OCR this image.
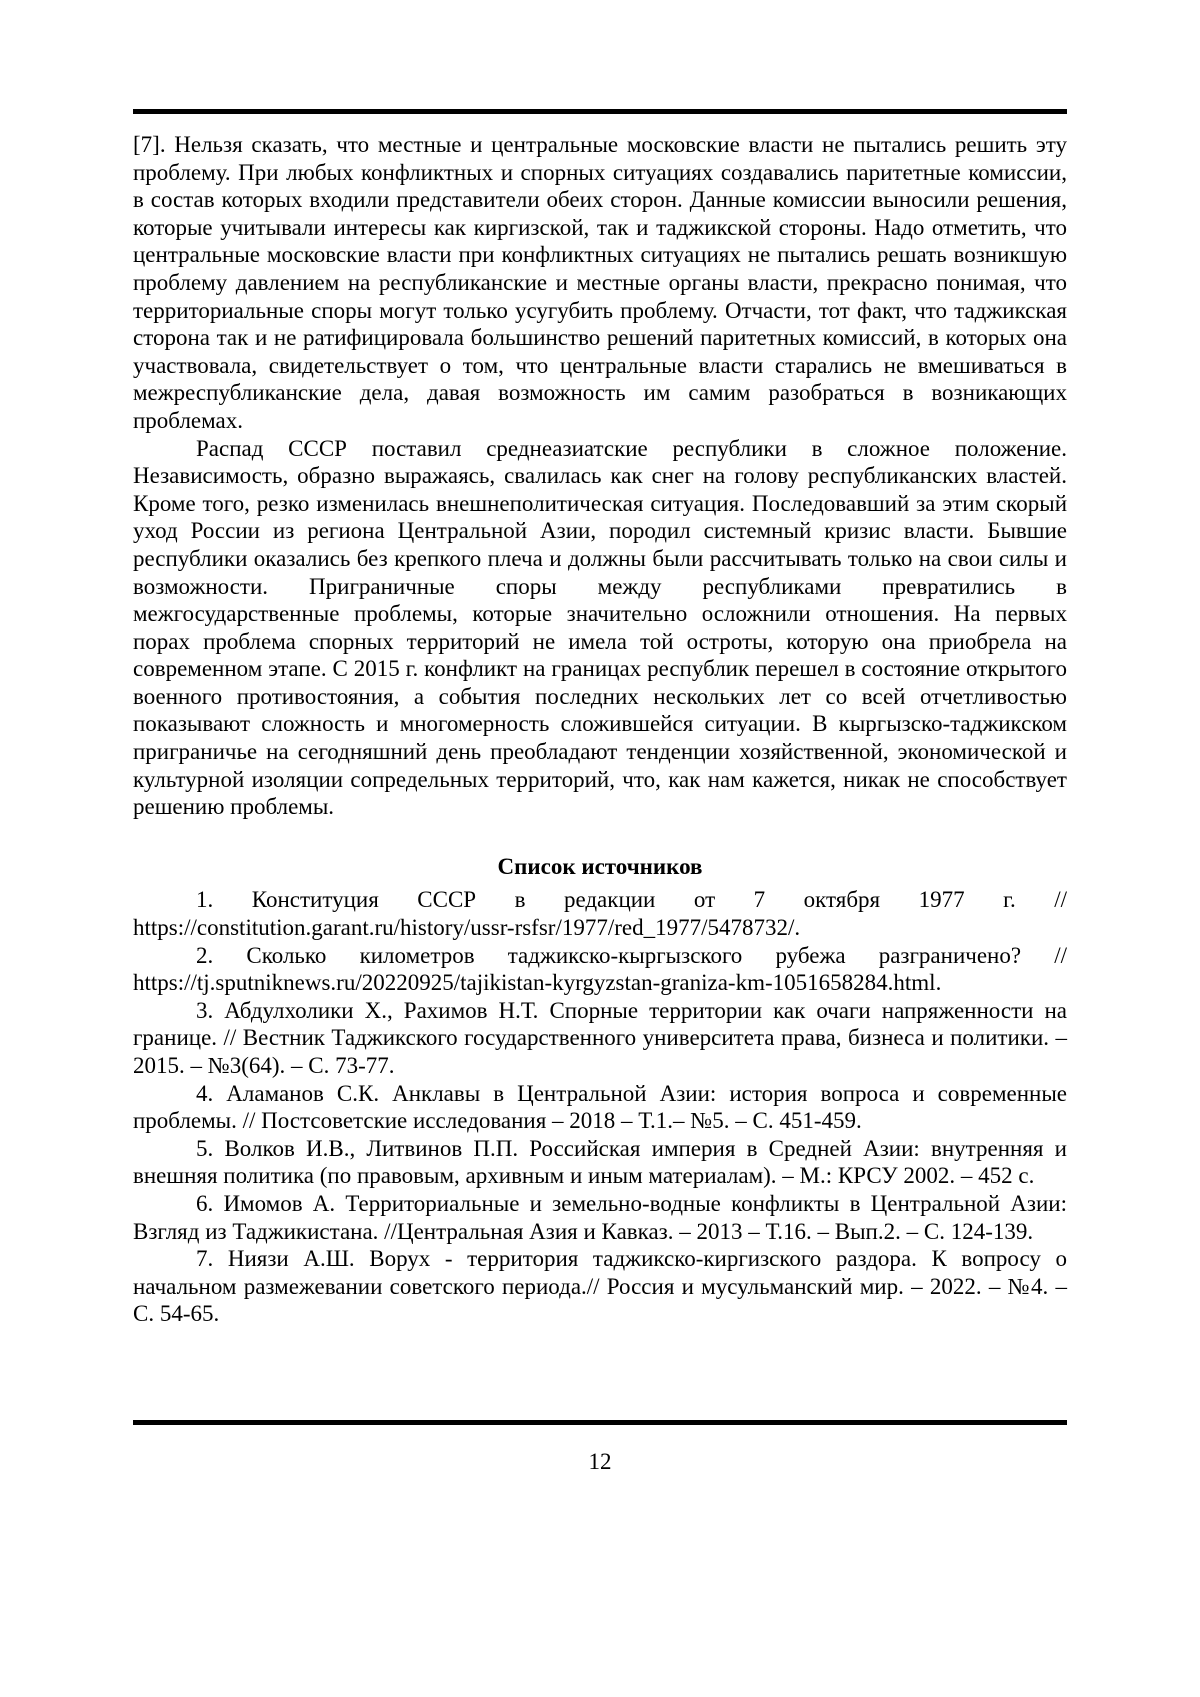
[7]. Нельзя сказать, что местные и центральные московские власти не пытались решить эту проблему. При любых конфликтных и спорных ситуациях создавались паритетные комиссии, в состав которых входили представители обеих сторон. Данные комиссии выносили решения, которые учитывали интересы как киргизской, так и таджикской стороны. Надо отметить, что центральные московские власти при конфликтных ситуациях не пытались решать возникшую проблему давлением на республиканские и местные органы власти, прекрасно понимая, что территориальные споры могут только усугубить проблему. Отчасти, тот факт, что таджикская сторона так и не ратифицировала большинство решений паритетных комиссий, в которых она участвовала, свидетельствует о том, что центральные власти старались не вмешиваться в межреспубликанские дела, давая возможность им самим разобраться в возникающих проблемах.

Распад СССР поставил среднеазиатские республики в сложное положение. Независимость, образно выражаясь, свалилась как снег на голову республиканских властей. Кроме того, резко изменилась внешнеполитическая ситуация. Последовавший за этим скорый уход России из региона Центральной Азии, породил системный кризис власти. Бывшие республики оказались без крепкого плеча и должны были рассчитывать только на свои силы и возможности. Приграничные споры между республиками превратились в межгосударственные проблемы, которые значительно осложнили отношения. На первых порах проблема спорных территорий не имела той остроты, которую она приобрела на современном этапе. С 2015 г. конфликт на границах республик перешел в состояние открытого военного противостояния, а события последних нескольких лет со всей отчетливостью показывают сложность и многомерность сложившейся ситуации. В кыргызско-таджикском приграничье на сегодняшний день преобладают тенденции хозяйственной, экономической и культурной изоляции сопредельных территорий, что, как нам кажется, никак не способствует решению проблемы.

Список источников

1. Конституция СССР в редакции от 7 октября 1977 г. // https://constitution.garant.ru/history/ussr-rsfsr/1977/red_1977/5478732/.

2. Сколько километров таджикско-кыргызского рубежа разграничено? // https://tj.sputniknews.ru/20220925/tajikistan-kyrgyzstan-graniza-km-1051658284.html.

3. Абдулхолики Х., Рахимов Н.Т. Спорные территории как очаги напряженности на границе. // Вестник Таджикского государственного университета права, бизнеса и политики. – 2015. – №3(64). – С. 73-77.

4. Аламанов С.К. Анклавы в Центральной Азии: история вопроса и современные проблемы. // Постсоветские исследования – 2018 – Т.1.– №5. – С. 451-459.

5. Волков И.В., Литвинов П.П. Российская империя в Средней Азии: внутренняя и внешняя политика (по правовым, архивным и иным материалам). – М.: КРСУ 2002. – 452 с.

6. Имомов А. Территориальные и земельно-водные конфликты в Центральной Азии: Взгляд из Таджикистана. //Центральная Азия и Кавказ. – 2013 – Т.16. – Вып.2. – С. 124-139.

7. Ниязи А.Ш. Ворух - территория таджикско-киргизского раздора. К вопросу о начальном размежевании советского периода.// Россия и мусульманский мир. – 2022. – №4. – С. 54-65.

12
